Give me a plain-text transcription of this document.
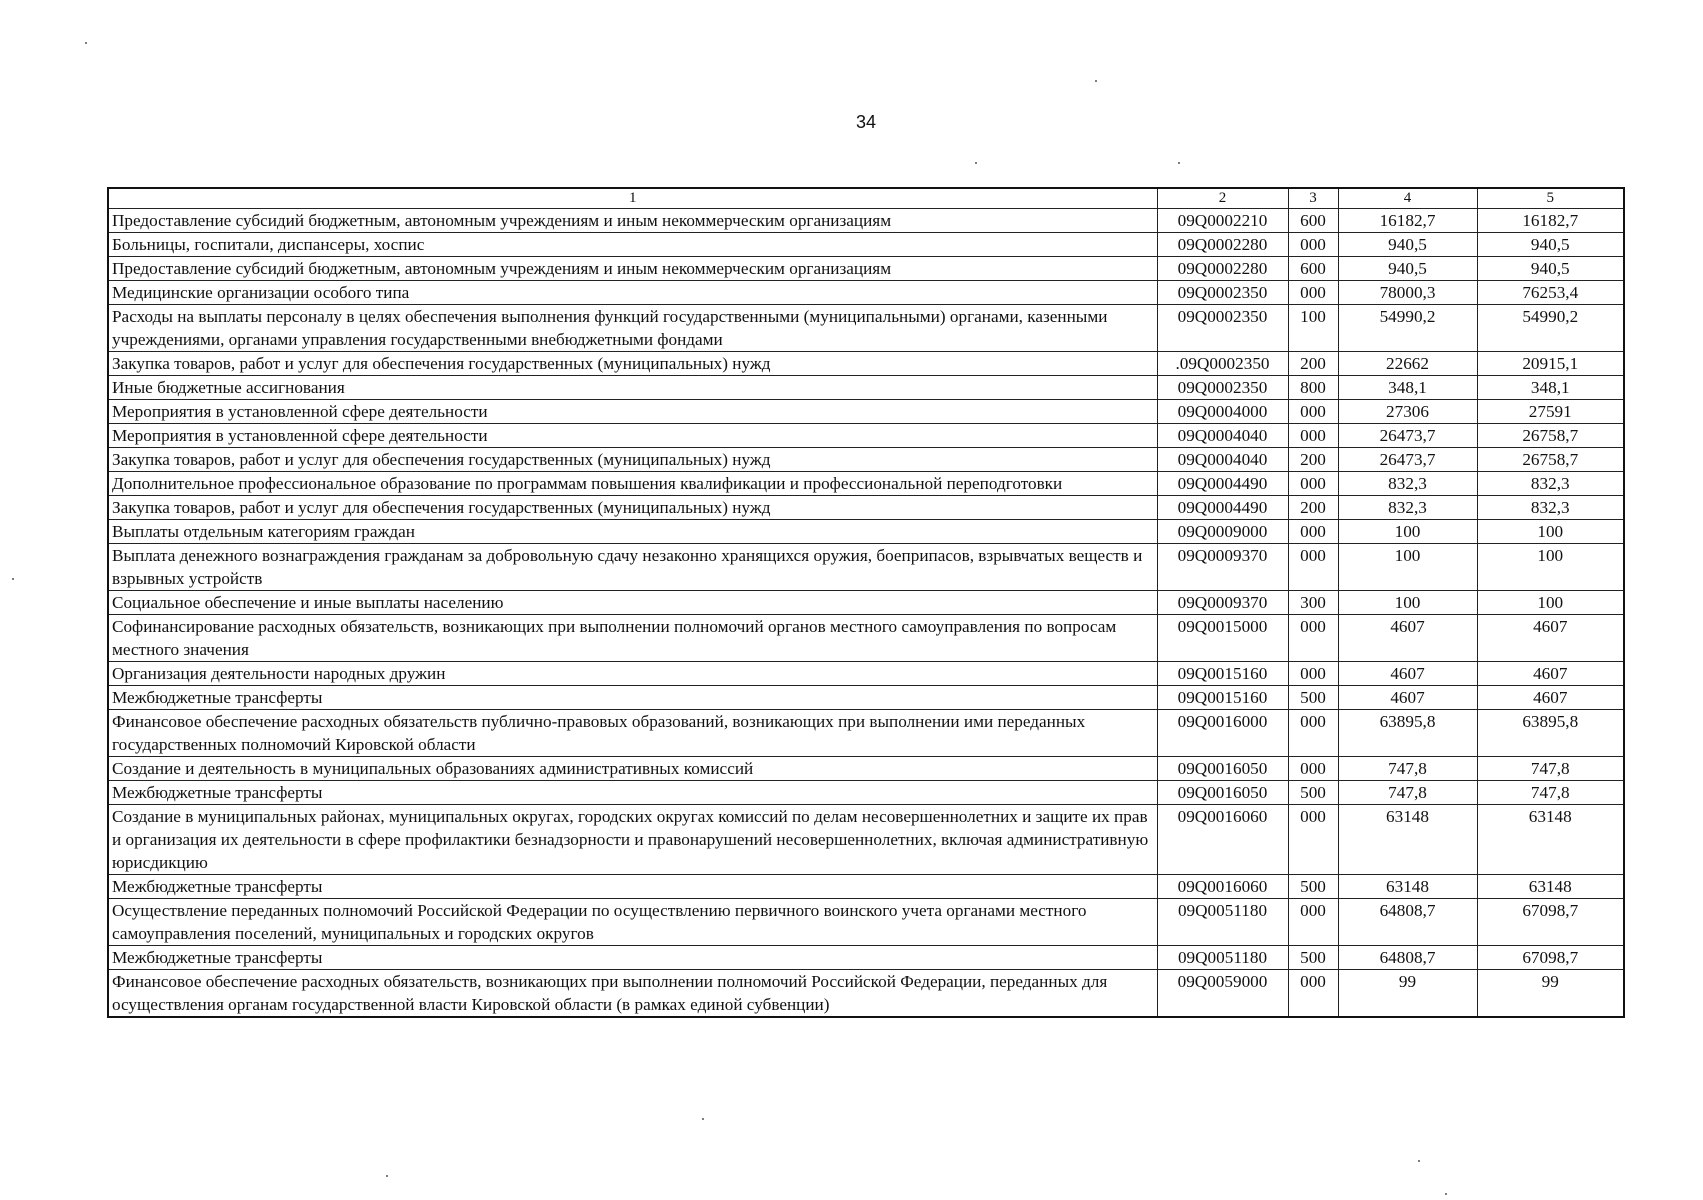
34
1	2	3	4	5
Предоставление субсидий бюджетным, автономным учреждениям и иным некоммерческим организациям	09Q0002210	600	16182,7	16182,7
Больницы, госпитали, диспансеры, хоспис	09Q0002280	000	940,5	940,5
Предоставление субсидий бюджетным, автономным учреждениям и иным некоммерческим организациям	09Q0002280	600	940,5	940,5
Медицинские организации особого типа	09Q0002350	000	78000,3	76253,4
Расходы на выплаты персоналу в целях обеспечения выполнения функций государственными (муниципальными) органами, казенными учреждениями, органами управления государственными внебюджетными фондами	09Q0002350	100	54990,2	54990,2
Закупка товаров, работ и услуг для обеспечения государственных (муниципальных) нужд	.09Q0002350	200	22662	20915,1
Иные бюджетные ассигнования	09Q0002350	800	348,1	348,1
Мероприятия в установленной сфере деятельности	09Q0004000	000	27306	27591
Мероприятия в установленной сфере деятельности	09Q0004040	000	26473,7	26758,7
Закупка товаров, работ и услуг для обеспечения государственных (муниципальных) нужд	09Q0004040	200	26473,7	26758,7
Дополнительное профессиональное образование по программам повышения квалификации и профессиональной переподготовки	09Q0004490	000	832,3	832,3
Закупка товаров, работ и услуг для обеспечения государственных (муниципальных) нужд	09Q0004490	200	832,3	832,3
Выплаты отдельным категориям граждан	09Q0009000	000	100	100
Выплата денежного вознаграждения гражданам за добровольную сдачу незаконно хранящихся оружия, боеприпасов, взрывчатых веществ и взрывных устройств	09Q0009370	000	100	100
Социальное обеспечение и иные выплаты населению	09Q0009370	300	100	100
Софинансирование расходных обязательств, возникающих при выполнении полномочий органов местного самоуправления по вопросам местного значения	09Q0015000	000	4607	4607
Организация деятельности народных дружин	09Q0015160	000	4607	4607
Межбюджетные трансферты	09Q0015160	500	4607	4607
Финансовое обеспечение расходных обязательств публично-правовых образований, возникающих при выполнении ими переданных государственных полномочий Кировской области	09Q0016000	000	63895,8	63895,8
Создание и деятельность в муниципальных образованиях административных комиссий	09Q0016050	000	747,8	747,8
Межбюджетные трансферты	09Q0016050	500	747,8	747,8
Создание в муниципальных районах, муниципальных округах, городских округах комиссий по делам несовершеннолетних и защите их прав и организация их деятельности в сфере профилактики безнадзорности и правонарушений несовершеннолетних, включая административную юрисдикцию	09Q0016060	000	63148	63148
Межбюджетные трансферты	09Q0016060	500	63148	63148
Осуществление переданных полномочий Российской Федерации по осуществлению первичного воинского учета органами местного самоуправления поселений, муниципальных и городских округов	09Q0051180	000	64808,7	67098,7
Межбюджетные трансферты	09Q0051180	500	64808,7	67098,7
Финансовое обеспечение расходных обязательств, возникающих при выполнении полномочий Российской Федерации, переданных для осуществления органам государственной власти Кировской области (в рамках единой субвенции)	09Q0059000	000	99	99
